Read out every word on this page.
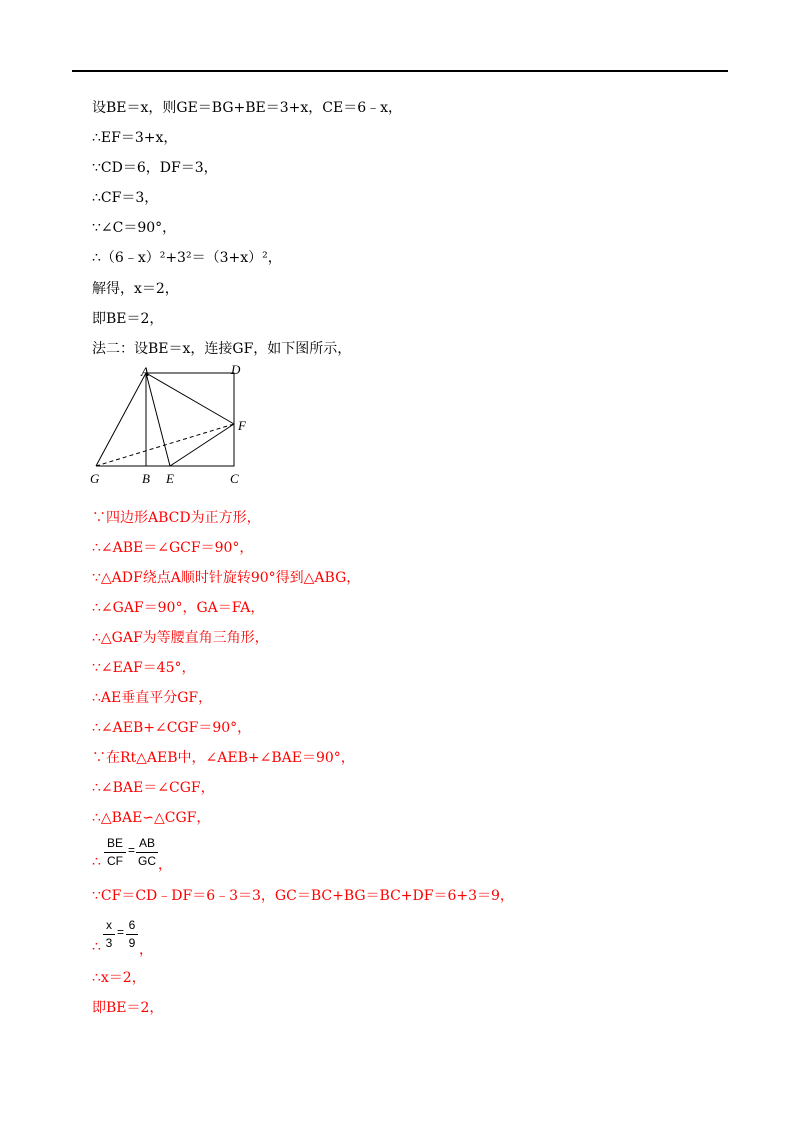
设BE＝x，则GE＝BG+BE＝3+x，CE＝6﹣x，
∴EF＝3+x，
∵CD＝6，DF＝3，
∴CF＝3，
∵∠C＝90°，
∴（6﹣x）²+3²＝（3+x）²，
解得，x＝2，
即BE＝2，
法二：设BE＝x，连接GF，如下图所示，
A	D
F
G	B E	C
∵四边形ABCD为正方形，
∴∠ABE＝∠GCF＝90°，
∵△ADF绕点A顺时针旋转90°得到△ABG，
∴∠GAF＝90°，GA＝FA，
∴△GAF为等腰直角三角形，
∵∠EAF＝45°，
∴AE垂直平分GF，
∴∠AEB+∠CGF＝90°，
∵在Rt△AEB中，∠AEB+∠BAE＝90°，
∴∠BAE＝∠CGF，
∴△BAE∽△CGF，
∴
BE
CF
= AB
GC ，
∵CF＝CD﹣DF＝6﹣3＝3，GC＝BC+BG＝BC+DF＝6+3＝9，
∴
x
3
= 6
9 ，
∴x＝2，
即BE＝2，
